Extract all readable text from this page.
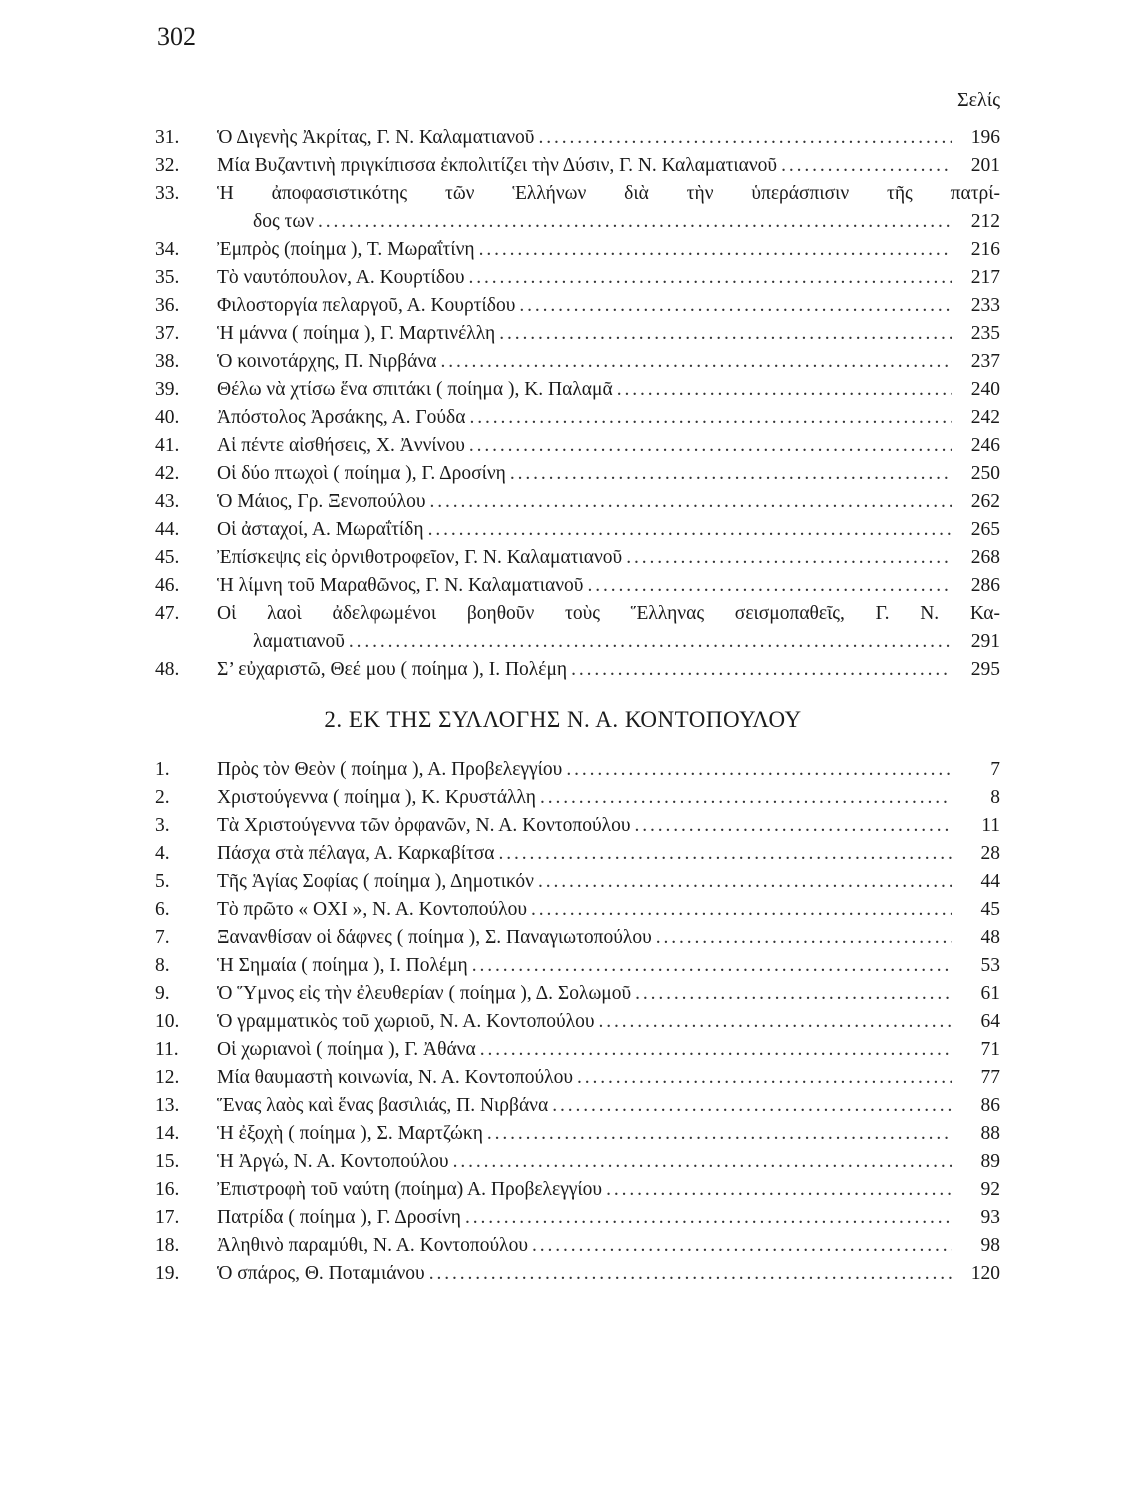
302
Σελίς
31.	Ὁ Διγενὴς Ἀκρίτας, Γ. Ν. Καλαματιανοῦ . . .	196
32.	Μία Βυζαντινὴ πριγκίπισσα ἐκπολιτίζει τὴν Δύσιν, Γ. Ν. Καλαματιανοῦ . . .	201
33.	Ἡ ἀποφασιστικότης τῶν Ἑλλήνων διὰ τὴν ὑπεράσπισιν τῆς πατρί-
δος των . . .	212
34.	Ἐμπρὸς (ποίημα ), Τ. Μωραΐτίνη . . .	216
35.	Τὸ ναυτόπουλον, Α. Κουρτίδου . . .	217
36.	Φιλοστοργία πελαργοῦ, Α. Κουρτίδου . . .	233
37.	Ἡ μάννα ( ποίημα ), Γ. Μαρτινέλλη . . .	235
38.	Ὁ κοινοτάρχης, Π. Νιρβάνα . . .	237
39.	Θέλω νὰ χτίσω ἕνα σπιτάκι ( ποίημα ), Κ. Παλαμᾶ . . .	240
40.	Ἀπόστολος Ἀρσάκης, Α. Γούδα . . .	242
41.	Αἱ πέντε αἰσθήσεις, Χ. Ἀννίνου . . .	246
42.	Οἱ δύο πτωχοὶ ( ποίημα ), Γ. Δροσίνη . . .	250
43.	Ὁ Μάιος, Γρ. Ξενοπούλου . . .	262
44.	Οἱ ἀσταχοί, Α. Μωραΐτίδη . . .	265
45.	Ἐπίσκεψις εἰς ὀρνιθοτροφεῖον, Γ. Ν. Καλαματιανοῦ . . .	268
46.	Ἡ λίμνη τοῦ Μαραθῶνος, Γ. Ν. Καλαματιανοῦ . . .	286
47.	Οἱ λαοὶ ἀδελφωμένοι βοηθοῦν τοὺς Ἕλληνας σεισμοπαθεῖς, Γ. Ν. Κα-
λαματιανοῦ . . .	291
48.	Σ’ εὐχαριστῶ, Θεέ μου ( ποίημα ), Ι. Πολέμη . . .	295
2. ΕΚ ΤΗΣ ΣΥΛΛΟΓΗΣ Ν. Α. ΚΟΝΤΟΠΟΥΛΟΥ
1.	Πρὸς τὸν Θεὸν ( ποίημα ), Α. Προβελεγγίου . . .	7
2.	Χριστούγεννα ( ποίημα ), Κ. Κρυστάλλη . . .	8
3.	Τὰ Χριστούγεννα τῶν ὀρφανῶν, Ν. Α. Κοντοπούλου . . .	11
4.	Πάσχα στὰ πέλαγα, Α. Καρκαβίτσα . . .	28
5.	Τῆς Ἁγίας Σοφίας ( ποίημα ), Δημοτικόν . . .	44
6.	Τὸ πρῶτο « ΟΧΙ », Ν. Α. Κοντοπούλου . . .	45
7.	Ξανανθίσαν οἱ δάφνες ( ποίημα ), Σ. Παναγιωτοπούλου . . .	48
8.	Ἡ Σημαία ( ποίημα ), Ι. Πολέμη . . .	53
9.	Ὁ Ὕμνος εἰς τὴν ἐλευθερίαν ( ποίημα ), Δ. Σολωμοῦ . . .	61
10.	Ὁ γραμματικὸς τοῦ χωριοῦ, Ν. Α. Κοντοπούλου . . .	64
11.	Οἱ χωριανοὶ ( ποίημα ), Γ. Ἀθάνα . . .	71
12.	Μία θαυμαστὴ κοινωνία, Ν. Α. Κοντοπούλου . . .	77
13.	Ἕνας λαὸς καὶ ἕνας βασιλιάς, Π. Νιρβάνα . . .	86
14.	Ἡ ἐξοχὴ ( ποίημα ), Σ. Μαρτζώκη . . .	88
15.	Ἡ Ἀργώ, Ν. Α. Κοντοπούλου . . .	89
16.	Ἐπιστροφὴ τοῦ ναύτη (ποίημα) Α. Προβελεγγίου . . .	92
17.	Πατρίδα ( ποίημα ), Γ. Δροσίνη . . .	93
18.	Ἀληθινὸ παραμύθι, Ν. Α. Κοντοπούλου . . .	98
19.	Ὁ σπάρος, Θ. Ποταμιάνου . . .	120
